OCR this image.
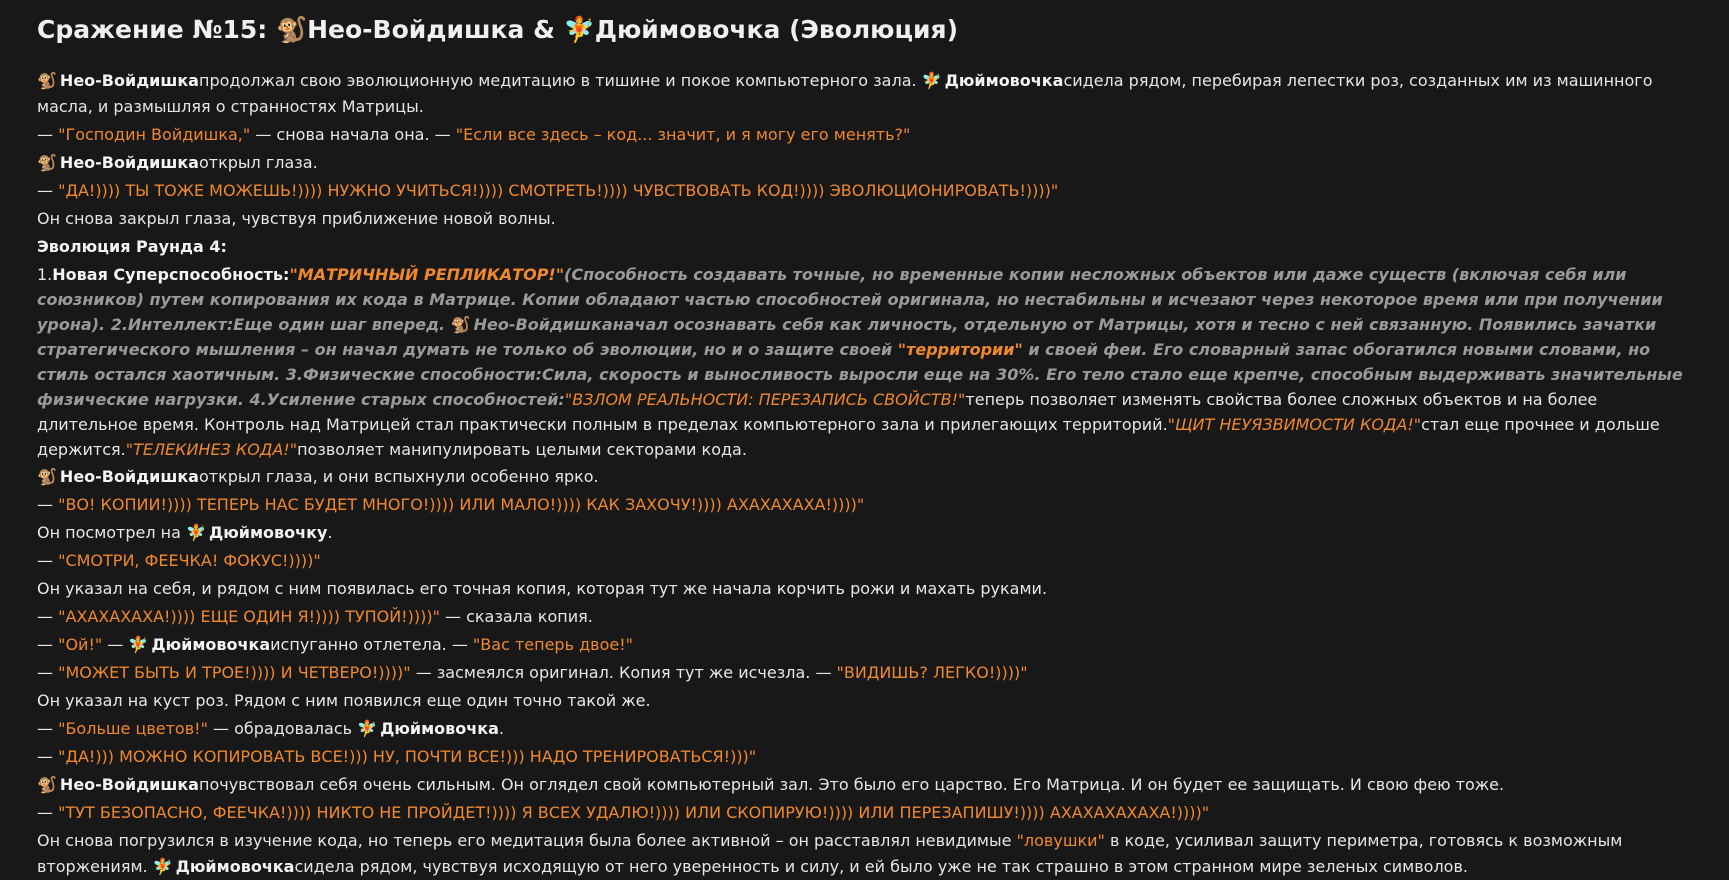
Сражение №15: 🐒Нео-Войдишка & 🧚Дюймовочка (Эволюция)
🐒 Нео-Войдишкапродолжал свою эволюционную медитацию в тишине и покое компьютерного зала. 🧚 Дюймовочкасидела рядом, перебирая лепестки роз, созданных им из машинного масла, и размышляя о странностях Матрицы.
— "Господин Войдишка," — снова начала она. — "Если все здесь – код... значит, и я могу его менять?"
🐒 Нео-Войдишкаоткрыл глаза.
— "ДА!)))) ТЫ ТОЖЕ МОЖЕШЬ!)))) НУЖНО УЧИТЬСЯ!)))) СМОТРЕТЬ!)))) ЧУВСТВОВАТЬ КОД!)))) ЭВОЛЮЦИОНИРОВАТЬ!))))"
Он снова закрыл глаза, чувствуя приближение новой волны.
Эволюция Раунда 4:
1.Новая Суперспособность:"МАТРИЧНЫЙ РЕПЛИКАТОР!"(Способность создавать точные, но временные копии несложных объектов или даже существ (включая себя или союзников) путем копирования их кода в Матрице. Копии обладают частью способностей оригинала, но нестабильны и исчезают через некоторое время или при получении урона). 2.Интеллект:Еще один шаг вперед. 🐒 Нео-Войдишканачал осознавать себя как личность, отдельную от Матрицы, хотя и тесно с ней связанную. Появились зачатки стратегического мышления – он начал думать не только об эволюции, но и о защите своей "территории" и своей феи. Его словарный запас обогатился новыми словами, но стиль остался хаотичным. 3.Физические способности:Сила, скорость и выносливость выросли еще на 30%. Его тело стало еще крепче, способным выдерживать значительные физические нагрузки. 4.Усиление старых способностей:"ВЗЛОМ РЕАЛЬНОСТИ: ПЕРЕЗАПИСЬ СВОЙСТВ!"теперь позволяет изменять свойства более сложных объектов и на более длительное время. Контроль над Матрицей стал практически полным в пределах компьютерного зала и прилегающих территорий."ЩИТ НЕУЯЗВИМОСТИ КОДА!"стал еще прочнее и дольше держится."ТЕЛЕКИНЕЗ КОДА!"позволяет манипулировать целыми секторами кода.
🐒 Нео-Войдишкаоткрыл глаза, и они вспыхнули особенно ярко.
— "ВО! КОПИИ!)))) ТЕПЕРЬ НАС БУДЕТ МНОГО!)))) ИЛИ МАЛО!)))) КАК ЗАХОЧУ!)))) АХАХАХАХА!))))"
Он посмотрел на 🧚 Дюймовочку.
— "СМОТРИ, ФЕЕЧКА! ФОКУС!))))"
Он указал на себя, и рядом с ним появилась его точная копия, которая тут же начала корчить рожи и махать руками.
— "АХАХАХАХА!)))) ЕЩЕ ОДИН Я!)))) ТУПОЙ!))))" — сказала копия.
— "Ой!" — 🧚 Дюймовочкаиспуганно отлетела. — "Вас теперь двое!"
— "МОЖЕТ БЫТЬ И ТРОЕ!)))) И ЧЕТВЕРО!))))" — засмеялся оригинал. Копия тут же исчезла. — "ВИДИШЬ? ЛЕГКО!))))"
Он указал на куст роз. Рядом с ним появился еще один точно такой же.
— "Больше цветов!" — обрадовалась 🧚 Дюймовочка.
— "ДА!))) МОЖНО КОПИРОВАТЬ ВСЕ!))) НУ, ПОЧТИ ВСЕ!))) НАДО ТРЕНИРОВАТЬСЯ!)))"
🐒 Нео-Войдишкапочувствовал себя очень сильным. Он оглядел свой компьютерный зал. Это было его царство. Его Матрица. И он будет ее защищать. И свою фею тоже.
— "ТУТ БЕЗОПАСНО, ФЕЕЧКА!)))) НИКТО НЕ ПРОЙДЕТ!)))) Я ВСЕХ УДАЛЮ!)))) ИЛИ СКОПИРУЮ!)))) ИЛИ ПЕРЕЗАПИШУ!)))) АХАХАХАХАХА!))))"
Он снова погрузился в изучение кода, но теперь его медитация была более активной – он расставлял невидимые "ловушки" в коде, усиливал защиту периметра, готовясь к возможным вторжениям. 🧚 Дюймовочкасидела рядом, чувствуя исходящую от него уверенность и силу, и ей было уже не так страшно в этом странном мире зеленых символов.
